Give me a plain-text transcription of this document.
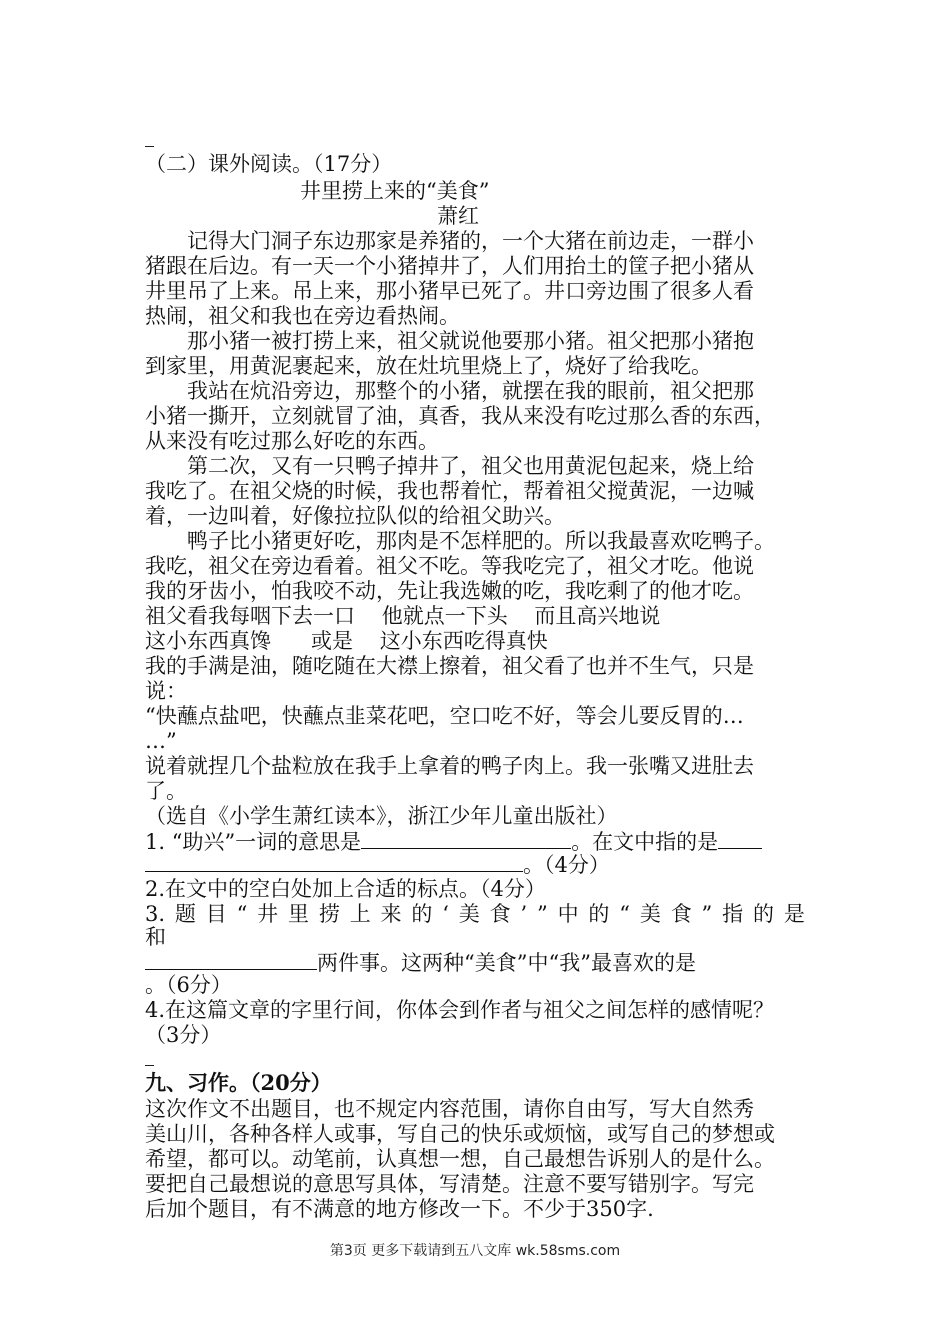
（二）课外阅读。（17分）
井里捞上来的“美食”
萧红
记得大门洞子东边那家是养猪的，一个大猪在前边走，一群小
猪跟在后边。有一天一个小猪掉井了，人们用抬土的筐子把小猪从
井里吊了上来。吊上来，那小猪早已死了。井口旁边围了很多人看
热闹，祖父和我也在旁边看热闹。
那小猪一被打捞上来，祖父就说他要那小猪。祖父把那小猪抱
到家里，用黄泥裹起来，放在灶坑里烧上了，烧好了给我吃。
我站在炕沿旁边，那整个的小猪，就摆在我的眼前，祖父把那
小猪一撕开，立刻就冒了油，真香，我从来没有吃过那么香的东西，
从来没有吃过那么好吃的东西。
第二次，又有一只鸭子掉井了，祖父也用黄泥包起来，烧上给
我吃了。在祖父烧的时候，我也帮着忙，帮着祖父搅黄泥，一边喊
着，一边叫着，好像拉拉队似的给祖父助兴。
鸭子比小猪更好吃，那肉是不怎样肥的。所以我最喜欢吃鸭子。
我吃，祖父在旁边看着。祖父不吃。等我吃完了，祖父才吃。他说
我的牙齿小，怕我咬不动，先让我选嫩的吃，我吃剩了的他才吃。
祖父看我每咽下去一口    他就点一下头    而且高兴地说
这小东西真馋      或是    这小东西吃得真快
我的手满是油，随吃随在大襟上擦着，祖父看了也并不生气，只是
说：
“快蘸点盐吧，快蘸点韭菜花吧，空口吃不好，等会儿要反胃的…
…”
说着就捏几个盐粒放在我手上拿着的鸭子肉上。我一张嘴又进肚去
了。
（选自《小学生萧红读本》，浙江少年儿童出版社）
1. “助兴”一词的意思是	。在文中指的是
。（4分）
2.在文中的空白处加上合适的标点。（4分）
3. 题 目 “ 井 里 捞 上 来 的 ‘ 美 食 ’ ” 中 的 “ 美 食 ” 指 的 是
和
两件事。这两种“美食”中“我”最喜欢的是
。（6分）
4.在这篇文章的字里行间，你体会到作者与祖父之间怎样的感情呢？
（3分）
九、习作。（20分）
这次作文不出题目，也不规定内容范围，请你自由写，写大自然秀
美山川，各种各样人或事，写自己的快乐或烦恼，或写自己的梦想或
希望，都可以。动笔前，认真想一想，自己最想告诉别人的是什么。
要把自己最想说的意思写具体，写清楚。注意不要写错别字。写完
后加个题目，有不满意的地方修改一下。不少于350字.
第3页 更多下载请到五八文库 wk.58sms.com
